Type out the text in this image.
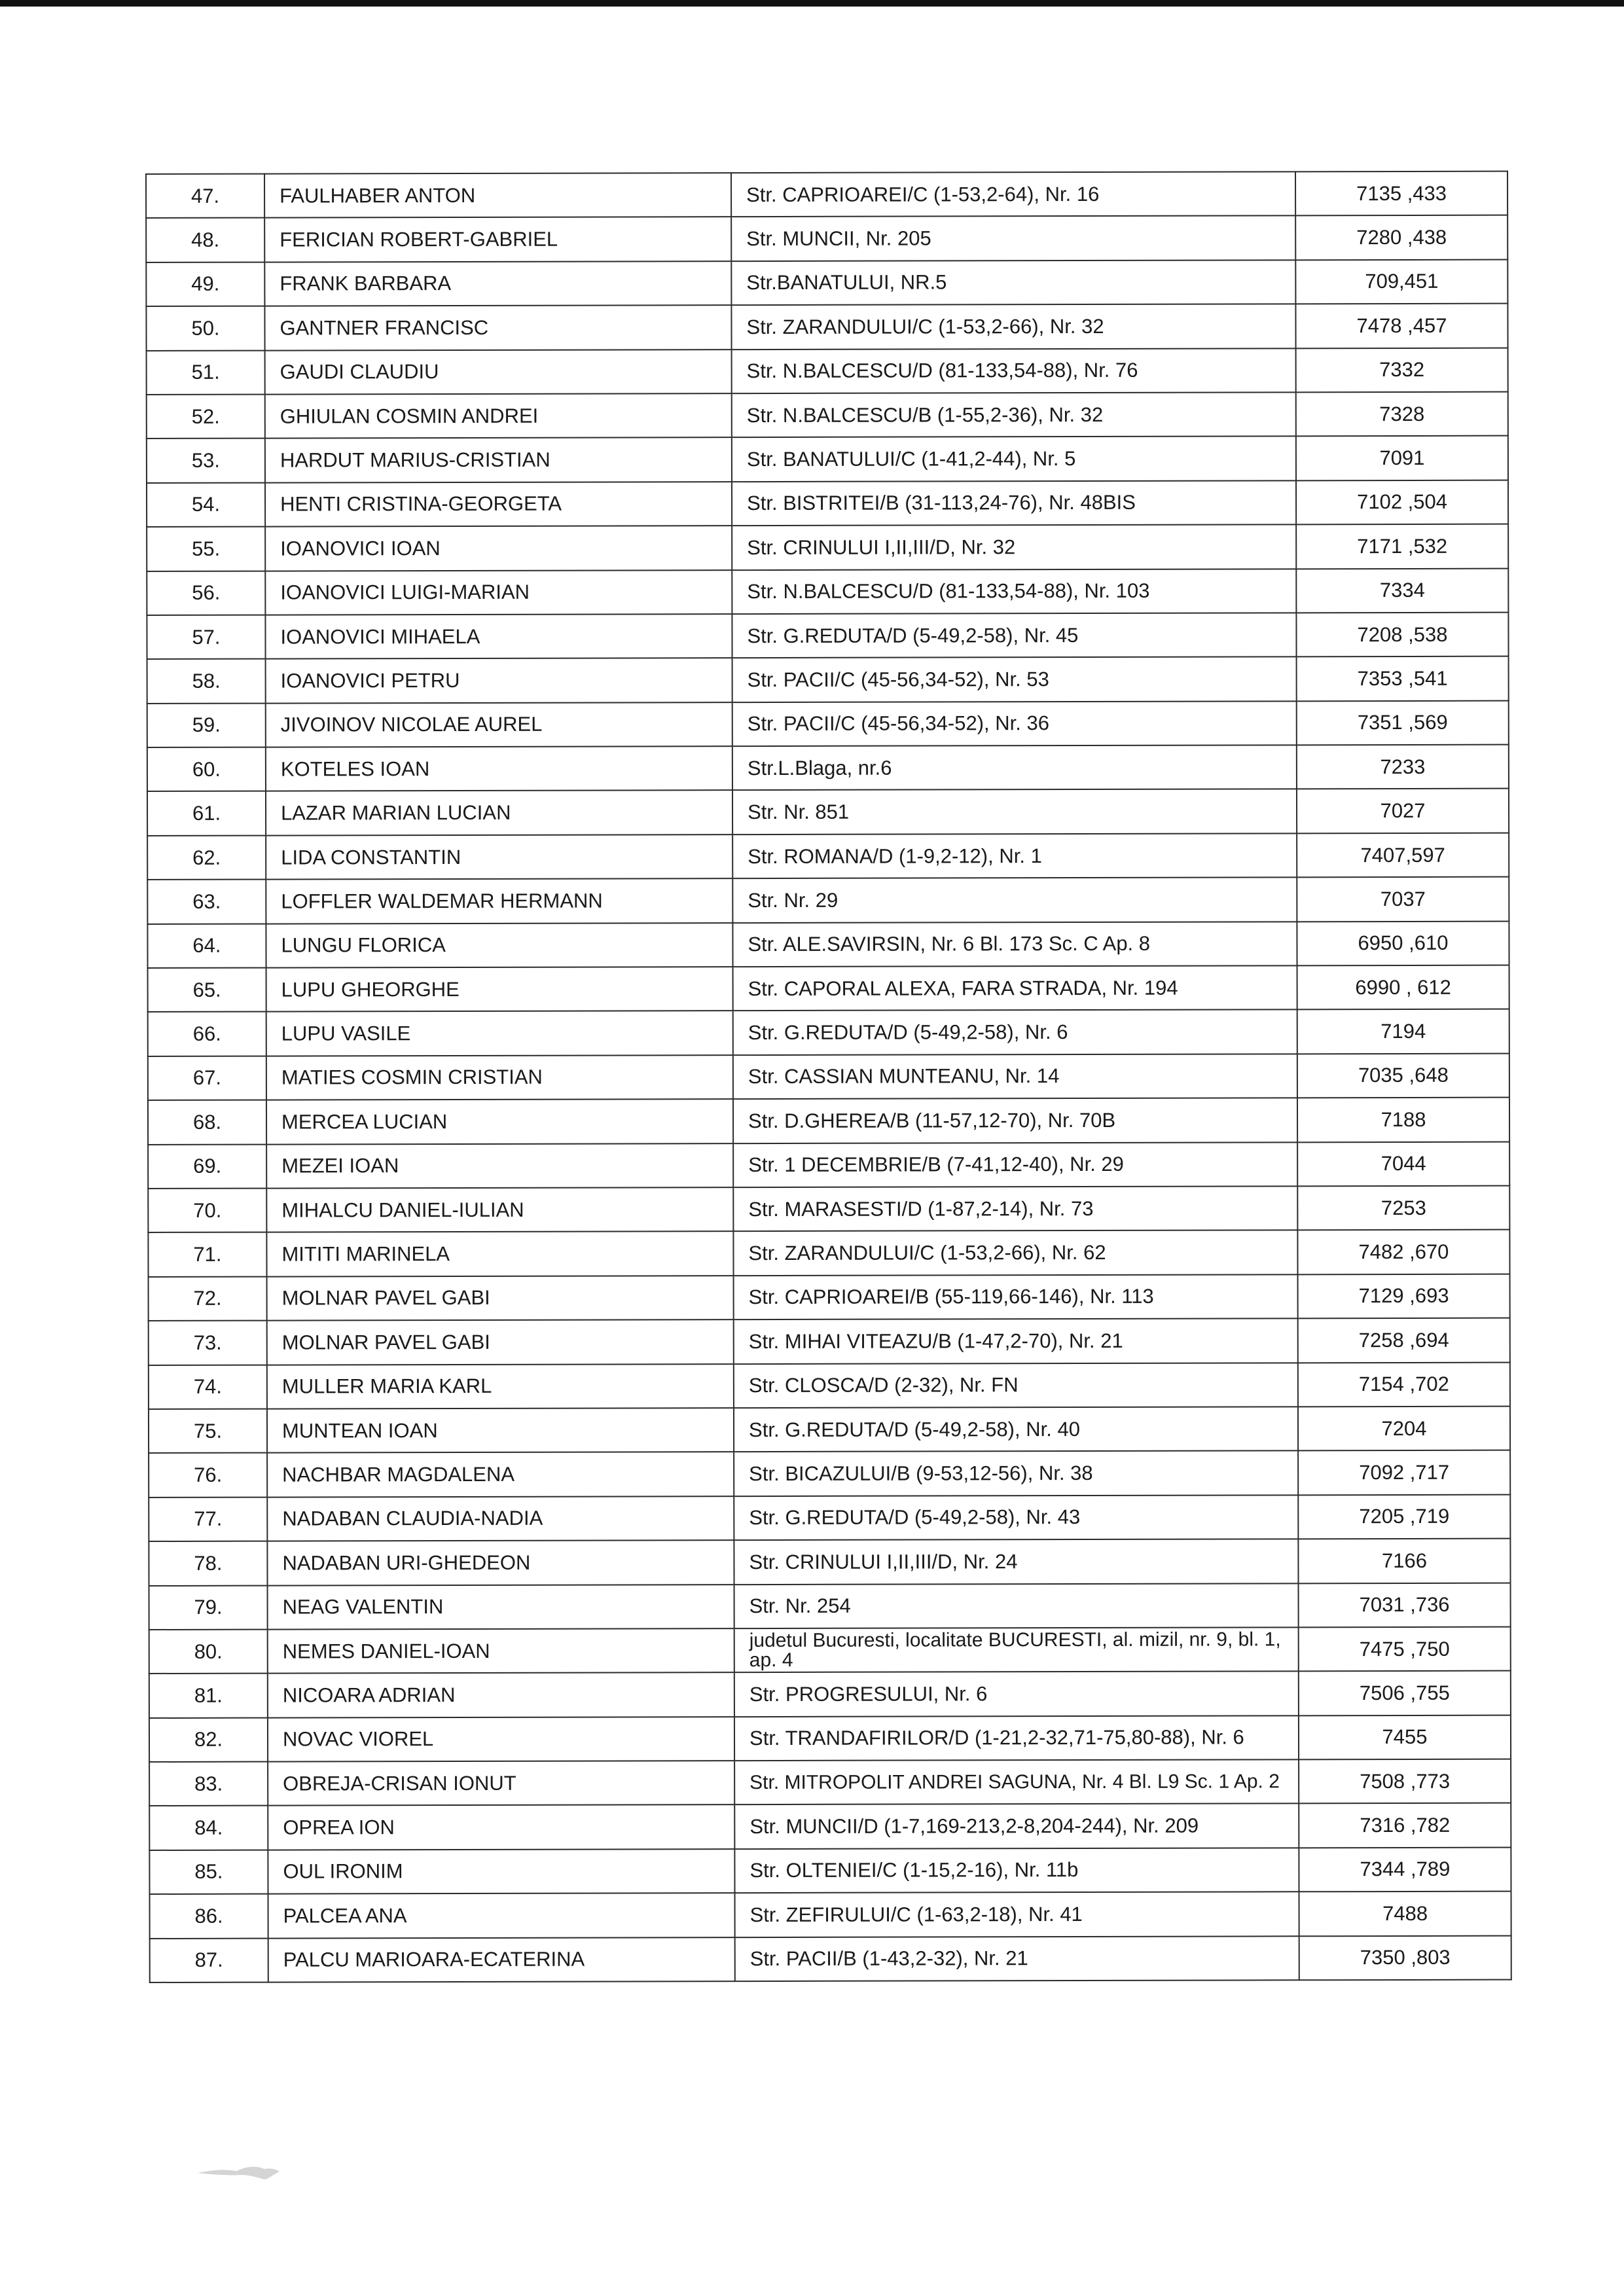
47.	FAULHABER ANTON	Str. CAPRIOAREI/C (1-53,2-64), Nr. 16	7135 ,433
48.	FERICIAN ROBERT-GABRIEL	Str. MUNCII, Nr. 205	7280 ,438
49.	FRANK BARBARA	Str.BANATULUI, NR.5	709,451
50.	GANTNER FRANCISC	Str. ZARANDULUI/C (1-53,2-66), Nr. 32	7478 ,457
51.	GAUDI CLAUDIU	Str. N.BALCESCU/D (81-133,54-88), Nr. 76	7332
52.	GHIULAN COSMIN ANDREI	Str. N.BALCESCU/B (1-55,2-36), Nr. 32	7328
53.	HARDUT MARIUS-CRISTIAN	Str. BANATULUI/C (1-41,2-44), Nr. 5	7091
54.	HENTI CRISTINA-GEORGETA	Str. BISTRITEI/B (31-113,24-76), Nr. 48BIS	7102 ,504
55.	IOANOVICI IOAN	Str. CRINULUI I,II,III/D, Nr. 32	7171 ,532
56.	IOANOVICI LUIGI-MARIAN	Str. N.BALCESCU/D (81-133,54-88), Nr. 103	7334
57.	IOANOVICI MIHAELA	Str. G.REDUTA/D (5-49,2-58), Nr. 45	7208 ,538
58.	IOANOVICI PETRU	Str. PACII/C (45-56,34-52), Nr. 53	7353 ,541
59.	JIVOINOV NICOLAE AUREL	Str. PACII/C (45-56,34-52), Nr. 36	7351 ,569
60.	KOTELES IOAN	Str.L.Blaga, nr.6	7233
61.	LAZAR MARIAN LUCIAN	Str. Nr. 851	7027
62.	LIDA CONSTANTIN	Str. ROMANA/D (1-9,2-12), Nr. 1	7407,597
63.	LOFFLER WALDEMAR HERMANN	Str. Nr. 29	7037
64.	LUNGU FLORICA	Str. ALE.SAVIRSIN, Nr. 6 Bl. 173 Sc. C Ap. 8	6950 ,610
65.	LUPU GHEORGHE	Str. CAPORAL ALEXA, FARA STRADA, Nr. 194	6990 , 612
66.	LUPU VASILE	Str. G.REDUTA/D (5-49,2-58), Nr. 6	7194
67.	MATIES COSMIN CRISTIAN	Str. CASSIAN MUNTEANU, Nr. 14	7035 ,648
68.	MERCEA LUCIAN	Str. D.GHEREA/B (11-57,12-70), Nr. 70B	7188
69.	MEZEI IOAN	Str. 1 DECEMBRIE/B (7-41,12-40), Nr. 29	7044
70.	MIHALCU DANIEL-IULIAN	Str. MARASESTI/D (1-87,2-14), Nr. 73	7253
71.	MITITI MARINELA	Str. ZARANDULUI/C (1-53,2-66), Nr. 62	7482 ,670
72.	MOLNAR PAVEL GABI	Str. CAPRIOAREI/B (55-119,66-146), Nr. 113	7129 ,693
73.	MOLNAR PAVEL GABI	Str. MIHAI VITEAZU/B (1-47,2-70), Nr. 21	7258 ,694
74.	MULLER MARIA KARL	Str. CLOSCA/D (2-32), Nr. FN	7154 ,702
75.	MUNTEAN IOAN	Str. G.REDUTA/D (5-49,2-58), Nr. 40	7204
76.	NACHBAR MAGDALENA	Str. BICAZULUI/B (9-53,12-56), Nr. 38	7092 ,717
77.	NADABAN CLAUDIA-NADIA	Str. G.REDUTA/D (5-49,2-58), Nr. 43	7205 ,719
78.	NADABAN URI-GHEDEON	Str. CRINULUI I,II,III/D, Nr. 24	7166
79.	NEAG VALENTIN	Str. Nr. 254	7031 ,736
80.	NEMES DANIEL-IOAN	judetul Bucuresti, localitate BUCURESTI, al. mizil, nr. 9, bl. 1, ap. 4	7475 ,750
81.	NICOARA ADRIAN	Str. PROGRESULUI, Nr. 6	7506 ,755
82.	NOVAC VIOREL	Str. TRANDAFIRILOR/D (1-21,2-32,71-75,80-88), Nr. 6	7455
83.	OBREJA-CRISAN IONUT	Str. MITROPOLIT ANDREI SAGUNA, Nr. 4 Bl. L9 Sc. 1 Ap. 2	7508 ,773
84.	OPREA ION	Str. MUNCII/D (1-7,169-213,2-8,204-244), Nr. 209	7316 ,782
85.	OUL IRONIM	Str. OLTENIEI/C (1-15,2-16), Nr. 11b	7344 ,789
86.	PALCEA ANA	Str. ZEFIRULUI/C (1-63,2-18), Nr. 41	7488
87.	PALCU MARIOARA-ECATERINA	Str. PACII/B (1-43,2-32), Nr. 21	7350 ,803
